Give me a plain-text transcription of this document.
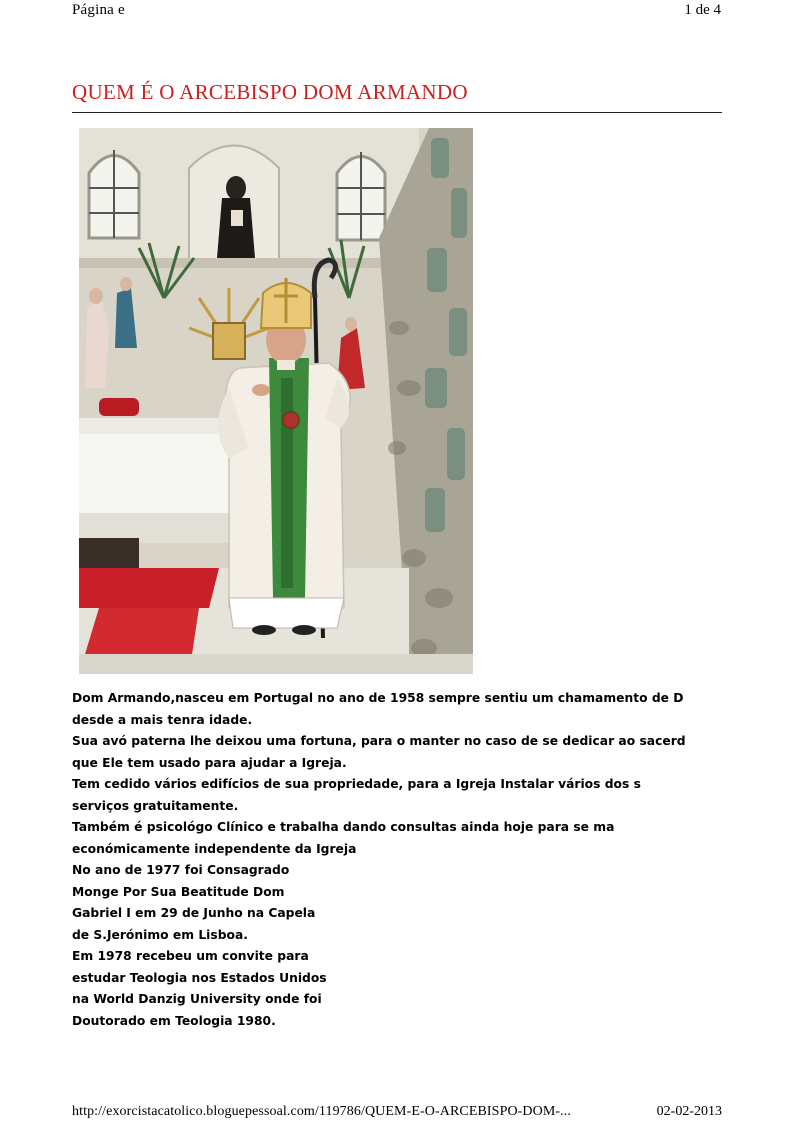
Página e	1 de 4
QUEM É O ARCEBISPO DOM ARMANDO
Dom Armando,nasceu em Portugal no ano de 1958 sempre sentiu um chamamento de D
desde a mais tenra idade.
Sua avó paterna lhe deixou uma fortuna, para o manter no caso de se dedicar ao sacerd
que Ele tem usado para ajudar a Igreja.
Tem cedido vários edifícios de sua propriedade, para a Igreja Instalar vários dos s
serviços gratuitamente.
Também é psicológo Clínico e trabalha dando consultas ainda hoje para se ma
económicamente independente da Igreja
No ano de 1977 foi Consagrado
Monge Por Sua Beatitude Dom
Gabriel I em 29 de Junho na Capela
de S.Jerónimo em Lisboa.
Em 1978 recebeu um convite para
estudar Teologia nos Estados Unidos
na World Danzig University onde foi
Doutorado em Teologia 1980.
http://exorcistacatolico.bloguepessoal.com/119786/QUEM-E-O-ARCEBISPO-DOM-...	02-02-2013
